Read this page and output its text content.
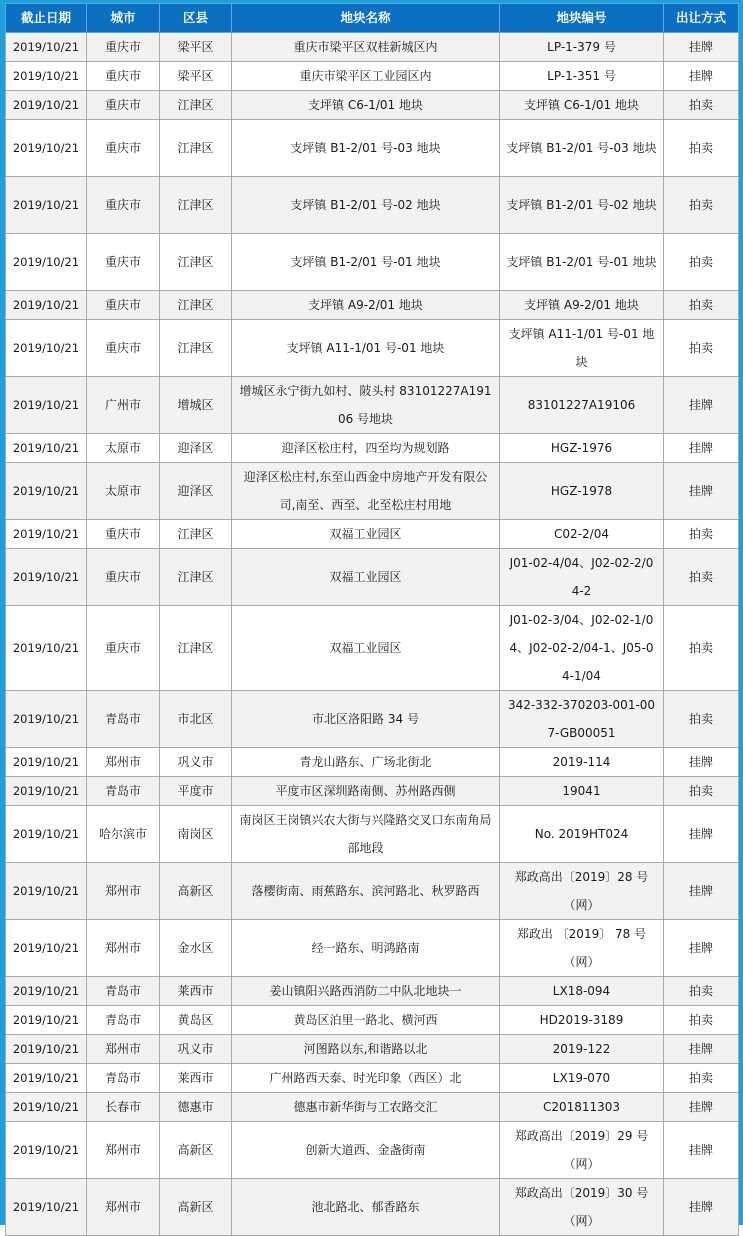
截止日期	城市	区县	地块名称	地块编号	出让方式
2019/10/21	重庆市	梁平区	重庆市梁平区双桂新城区内	LP-1-379 号	挂牌
2019/10/21	重庆市	梁平区	重庆市梁平区工业园区内	LP-1-351 号	挂牌
2019/10/21	重庆市	江津区	支坪镇 C6-1/01 地块	支坪镇 C6-1/01 地块	拍卖
2019/10/21	重庆市	江津区	支坪镇 B1-2/01 号-03 地块	支坪镇 B1-2/01 号-03 地块	拍卖
2019/10/21	重庆市	江津区	支坪镇 B1-2/01 号-02 地块	支坪镇 B1-2/01 号-02 地块	拍卖
2019/10/21	重庆市	江津区	支坪镇 B1-2/01 号-01 地块	支坪镇 B1-2/01 号-01 地块	拍卖
2019/10/21	重庆市	江津区	支坪镇 A9-2/01 地块	支坪镇 A9-2/01 地块	拍卖
2019/10/21	重庆市	江津区	支坪镇 A11-1/01 号-01 地块	支坪镇 A11-1/01 号-01 地块	拍卖
2019/10/21	广州市	增城区	增城区永宁街九如村、陂头村 83101227A19106 号地块	83101227A19106	挂牌
2019/10/21	太原市	迎泽区	迎泽区松庄村，四至均为规划路	HGZ-1976	挂牌
2019/10/21	太原市	迎泽区	迎泽区松庄村,东至山西金中房地产开发有限公司,南至、西至、北至松庄村用地	HGZ-1978	挂牌
2019/10/21	重庆市	江津区	双福工业园区	C02-2/04	拍卖
2019/10/21	重庆市	江津区	双福工业园区	J01-02-4/04、J02-02-2/04-2	拍卖
2019/10/21	重庆市	江津区	双福工业园区	J01-02-3/04、J02-02-1/04、J02-02-2/04-1、J05-04-1/04	拍卖
2019/10/21	青岛市	市北区	市北区洛阳路 34 号	342-332-370203-001-007-GB00051	拍卖
2019/10/21	郑州市	巩义市	青龙山路东、广场北街北	2019-114	挂牌
2019/10/21	青岛市	平度市	平度市区深圳路南侧、苏州路西侧	19041	拍卖
2019/10/21	哈尔滨市	南岗区	南岗区王岗镇兴农大街与兴隆路交叉口东南角局部地段	No. 2019HT024	挂牌
2019/10/21	郑州市	高新区	落樱街南、雨蕉路东、滨河路北、秋罗路西	郑政高出〔2019〕28 号（网）	挂牌
2019/10/21	郑州市	金水区	经一路东、明鸿路南	郑政出 〔2019〕 78 号（网）	挂牌
2019/10/21	青岛市	莱西市	姜山镇阳兴路西消防二中队北地块一	LX18-094	拍卖
2019/10/21	青岛市	黄岛区	黄岛区泊里一路北、横河西	HD2019-3189	拍卖
2019/10/21	郑州市	巩义市	河图路以东,和谐路以北	2019-122	挂牌
2019/10/21	青岛市	莱西市	广州路西天泰、时光印象（西区）北	LX19-070	拍卖
2019/10/21	长春市	德惠市	德惠市新华街与工农路交汇	C201811303	挂牌
2019/10/21	郑州市	高新区	创新大道西、金盏街南	郑政高出〔2019〕29 号（网）	挂牌
2019/10/21	郑州市	高新区	池北路北、郁香路东	郑政高出〔2019〕30 号（网）	挂牌
